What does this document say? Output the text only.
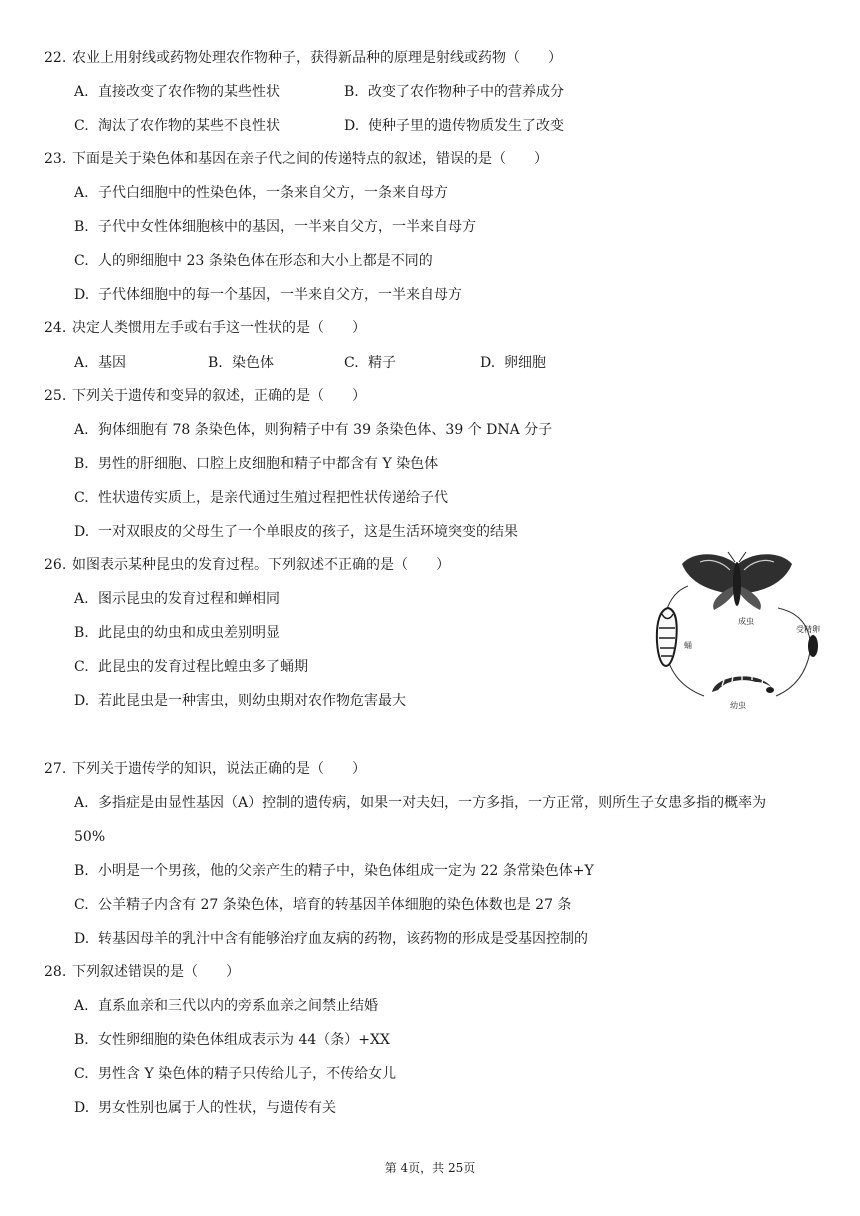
22. 农业上用射线或药物处理农作物种子，获得新品种的原理是射线或药物（　　）
A. 直接改变了农作物的某些性状	B. 改变了农作物种子中的营养成分
C. 淘汰了农作物的某些不良性状	D. 使种子里的遗传物质发生了改变
23. 下面是关于染色体和基因在亲子代之间的传递特点的叙述，错误的是（　　）
A. 子代白细胞中的性染色体，一条来自父方，一条来自母方
B. 子代中女性体细胞核中的基因，一半来自父方，一半来自母方
C. 人的卵细胞中 23 条染色体在形态和大小上都是不同的
D. 子代体细胞中的每一个基因，一半来自父方，一半来自母方
24. 决定人类惯用左手或右手这一性状的是（　　）
A. 基因	B. 染色体	C. 精子	D. 卵细胞
25. 下列关于遗传和变异的叙述，正确的是（　　）
A. 狗体细胞有 78 条染色体，则狗精子中有 39 条染色体、39 个 DNA 分子
B. 男性的肝细胞、口腔上皮细胞和精子中都含有 Y 染色体
C. 性状遗传实质上，是亲代通过生殖过程把性状传递给子代
D. 一对双眼皮的父母生了一个单眼皮的孩子，这是生活环境突变的结果
26. 如图表示某种昆虫的发育过程。下列叙述不正确的是（　　）
A. 图示昆虫的发育过程和蝉相同
B. 此昆虫的幼虫和成虫差别明显
C. 此昆虫的发育过程比蝗虫多了蛹期
D. 若此昆虫是一种害虫，则幼虫期对农作物危害最大
成虫
受精卵
幼虫
蛹
27. 下列关于遗传学的知识，说法正确的是（　　）
A. 多指症是由显性基因（A）控制的遗传病，如果一对夫妇，一方多指，一方正常，则所生子女患多指的概率为
50%
B. 小明是一个男孩，他的父亲产生的精子中，染色体组成一定为 22 条常染色体+Y
C. 公羊精子内含有 27 条染色体，培育的转基因羊体细胞的染色体数也是 27 条
D. 转基因母羊的乳汁中含有能够治疗血友病的药物，该药物的形成是受基因控制的
28. 下列叙述错误的是（　　）
A. 直系血亲和三代以内的旁系血亲之间禁止结婚
B. 女性卵细胞的染色体组成表示为 44（条）+XX
C. 男性含 Y 染色体的精子只传给儿子，不传给女儿
D. 男女性别也属于人的性状，与遗传有关
第 4页，共 25页
